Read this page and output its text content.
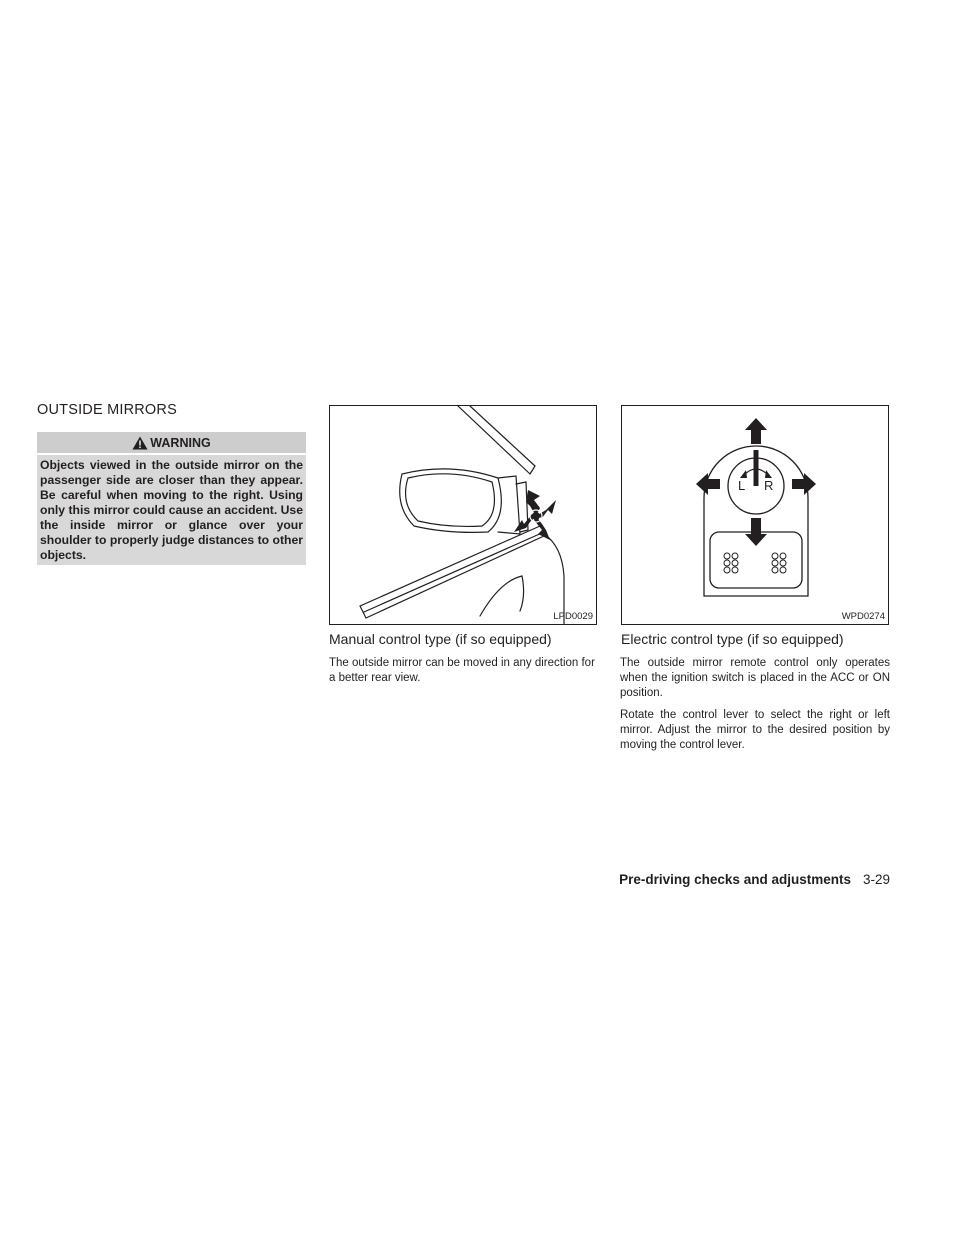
OUTSIDE MIRRORS
WARNING
Objects viewed in the outside mirror on the passenger side are closer than they appear. Be careful when moving to the right. Using only this mirror could cause an accident. Use the inside mirror or glance over your shoulder to properly judge distances to other objects.
LPD0029
L R
WPD0274
Manual control type (if so equipped)

The outside mirror can be moved in any direction for a better rear view.

Electric control type (if so equipped)

The outside mirror remote control only operates when the ignition switch is placed in the ACC or ON position.

Rotate the control lever to select the right or left mirror. Adjust the mirror to the desired position by moving the control lever.

Pre-driving checks and adjustments 3-29
